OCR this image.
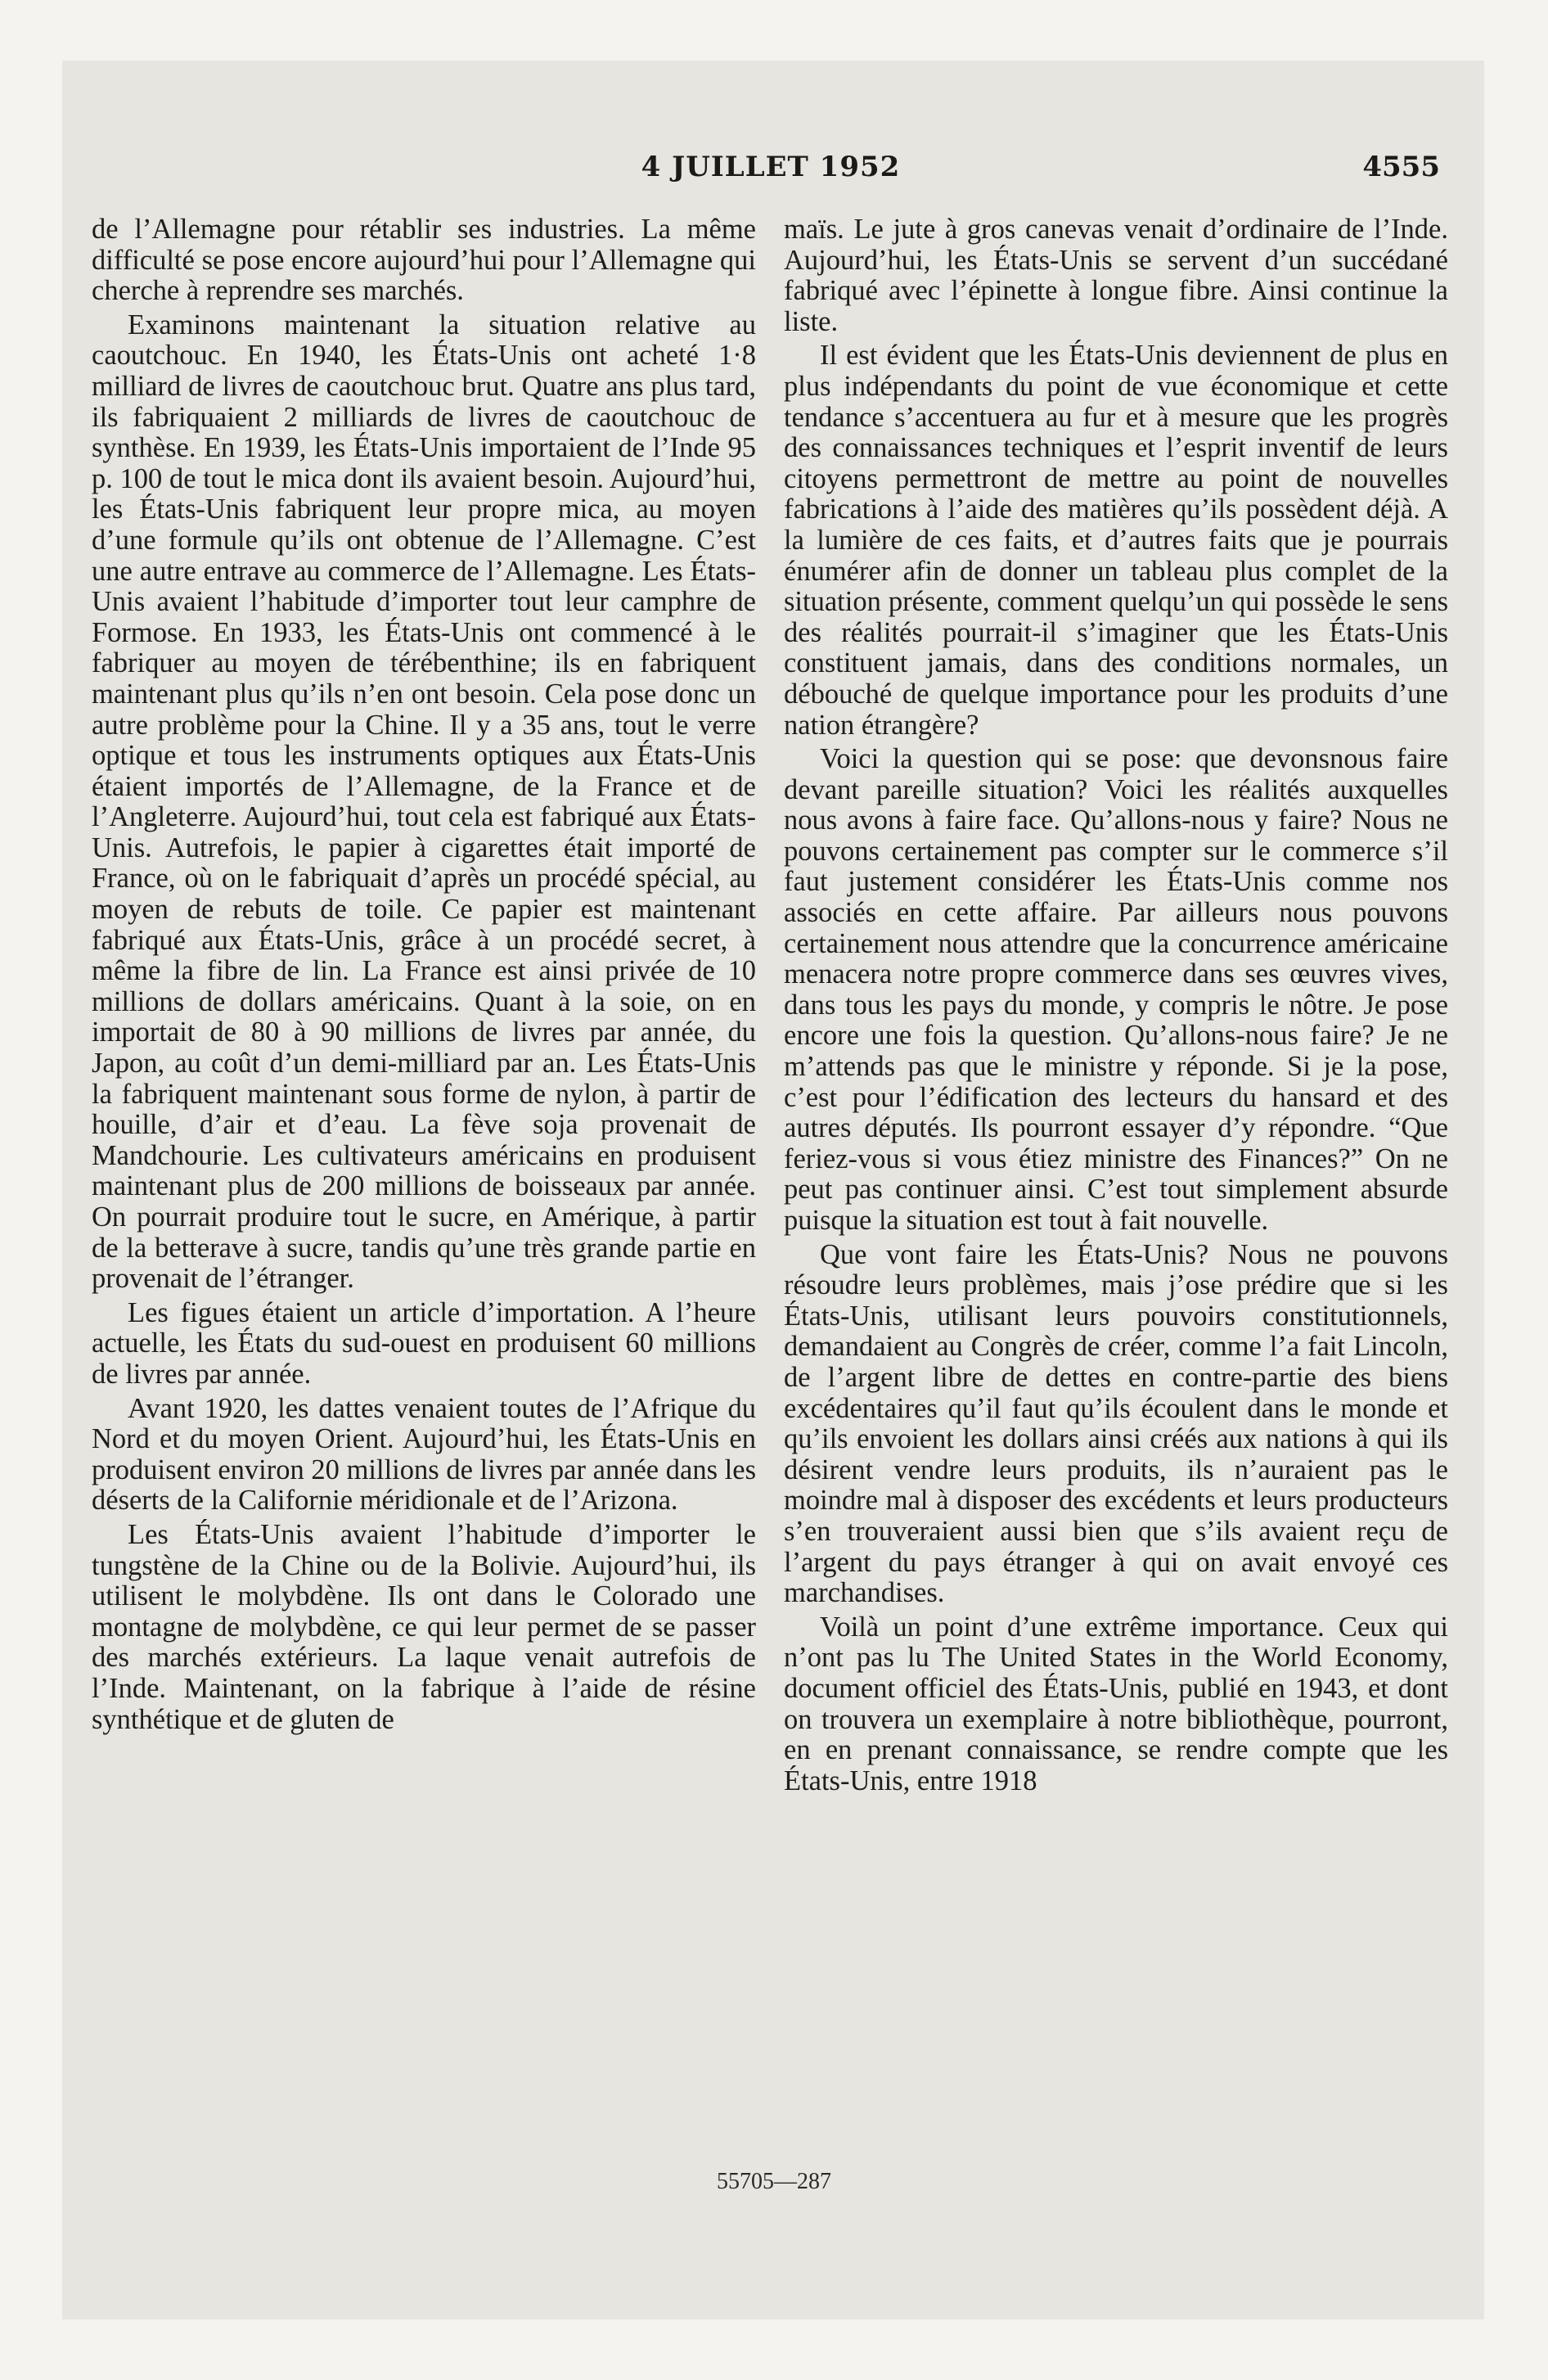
4 JUILLET 1952	4555

de l’Allemagne pour rétablir ses industries. La même difficulté se pose encore aujourd’hui pour l’Allemagne qui cherche à reprendre ses marchés.

Examinons maintenant la situation relative au caoutchouc. En 1940, les États-Unis ont acheté 1·8 milliard de livres de caoutchouc brut. Quatre ans plus tard, ils fabriquaient 2 milliards de livres de caoutchouc de synthèse. En 1939, les États-Unis importaient de l’Inde 95 p. 100 de tout le mica dont ils avaient besoin. Aujourd’hui, les États-Unis fabriquent leur propre mica, au moyen d’une formule qu’ils ont obtenue de l’Allemagne. C’est une autre entrave au commerce de l’Allemagne. Les États-Unis avaient l’habitude d’importer tout leur camphre de Formose. En 1933, les États-Unis ont commencé à le fabriquer au moyen de térébenthine; ils en fabriquent maintenant plus qu’ils n’en ont besoin. Cela pose donc un autre problème pour la Chine. Il y a 35 ans, tout le verre optique et tous les instruments optiques aux États-Unis étaient importés de l’Allemagne, de la France et de l’Angleterre. Aujourd’hui, tout cela est fabriqué aux États-Unis. Autrefois, le papier à cigarettes était importé de France, où on le fabriquait d’après un procédé spécial, au moyen de rebuts de toile. Ce papier est maintenant fabriqué aux États-Unis, grâce à un procédé secret, à même la fibre de lin. La France est ainsi privée de 10 millions de dollars américains. Quant à la soie, on en importait de 80 à 90 millions de livres par année, du Japon, au coût d’un demi-milliard par an. Les États-Unis la fabriquent maintenant sous forme de nylon, à partir de houille, d’air et d’eau. La fève soja provenait de Mandchourie. Les cultivateurs américains en produisent maintenant plus de 200 millions de boisseaux par année. On pourrait produire tout le sucre, en Amérique, à partir de la betterave à sucre, tandis qu’une très grande partie en provenait de l’étranger.

Les figues étaient un article d’importation. A l’heure actuelle, les États du sud-ouest en produisent 60 millions de livres par année.

Avant 1920, les dattes venaient toutes de l’Afrique du Nord et du moyen Orient. Aujourd’hui, les États-Unis en produisent environ 20 millions de livres par année dans les déserts de la Californie méridionale et de l’Arizona.

Les États-Unis avaient l’habitude d’importer le tungstène de la Chine ou de la Bolivie. Aujourd’hui, ils utilisent le molybdène. Ils ont dans le Colorado une montagne de molybdène, ce qui leur permet de se passer des marchés extérieurs. La laque venait autrefois de l’Inde. Maintenant, on la fabrique à l’aide de résine synthétique et de gluten de

maïs. Le jute à gros canevas venait d’ordinaire de l’Inde. Aujourd’hui, les États-Unis se servent d’un succédané fabriqué avec l’épinette à longue fibre. Ainsi continue la liste.

Il est évident que les États-Unis deviennent de plus en plus indépendants du point de vue économique et cette tendance s’accentuera au fur et à mesure que les progrès des connaissances techniques et l’esprit inventif de leurs citoyens permettront de mettre au point de nouvelles fabrications à l’aide des matières qu’ils possèdent déjà. A la lumière de ces faits, et d’autres faits que je pourrais énumérer afin de donner un tableau plus complet de la situation présente, comment quelqu’un qui possède le sens des réalités pourrait-il s’imaginer que les États-Unis constituent jamais, dans des conditions normales, un débouché de quelque importance pour les produits d’une nation étrangère?

Voici la question qui se pose: que devonsnous faire devant pareille situation? Voici les réalités auxquelles nous avons à faire face. Qu’allons-nous y faire? Nous ne pouvons certainement pas compter sur le commerce s’il faut justement considérer les États-Unis comme nos associés en cette affaire. Par ailleurs nous pouvons certainement nous attendre que la concurrence américaine menacera notre propre commerce dans ses œuvres vives, dans tous les pays du monde, y compris le nôtre. Je pose encore une fois la question. Qu’allons-nous faire? Je ne m’attends pas que le ministre y réponde. Si je la pose, c’est pour l’édification des lecteurs du hansard et des autres députés. Ils pourront essayer d’y répondre. “Que feriez-vous si vous étiez ministre des Finances?” On ne peut pas continuer ainsi. C’est tout simplement absurde puisque la situation est tout à fait nouvelle.

Que vont faire les États-Unis? Nous ne pouvons résoudre leurs problèmes, mais j’ose prédire que si les États-Unis, utilisant leurs pouvoirs constitutionnels, demandaient au Congrès de créer, comme l’a fait Lincoln, de l’argent libre de dettes en contre-partie des biens excédentaires qu’il faut qu’ils écoulent dans le monde et qu’ils envoient les dollars ainsi créés aux nations à qui ils désirent vendre leurs produits, ils n’auraient pas le moindre mal à disposer des excédents et leurs producteurs s’en trouveraient aussi bien que s’ils avaient reçu de l’argent du pays étranger à qui on avait envoyé ces marchandises.

Voilà un point d’une extrême importance. Ceux qui n’ont pas lu The United States in the World Economy, document officiel des États-Unis, publié en 1943, et dont on trouvera un exemplaire à notre bibliothèque, pourront, en en prenant connaissance, se rendre compte que les États-Unis, entre 1918

55705—287
